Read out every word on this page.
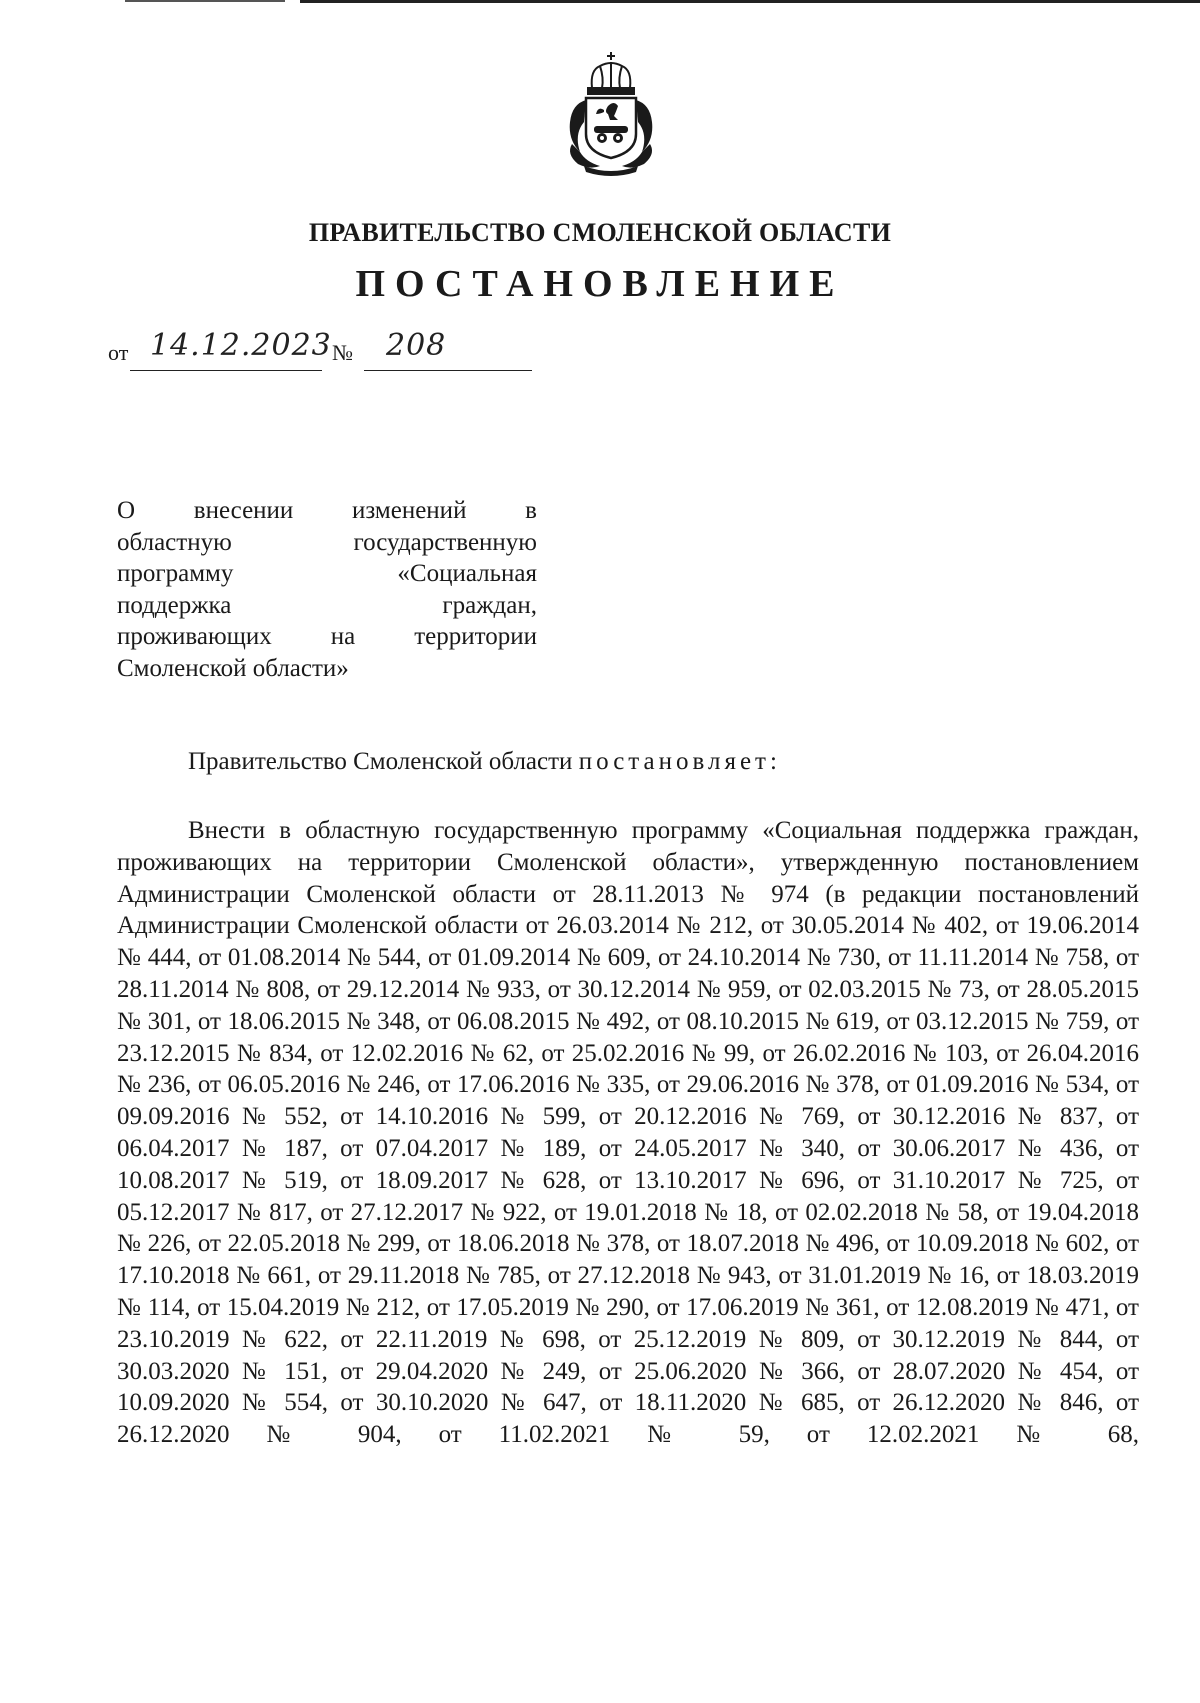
ПРАВИТЕЛЬСТВО СМОЛЕНСКОЙ ОБЛАСТИ
ПОСТАНОВЛЕНИЕ
от 14.12.2023 № 208
О внесении изменений в
областную	государственную
программу	«Социальная
поддержка	граждан,
проживающих на территории
Смоленской области»
Правительство Смоленской области постановляет:

Внести в областную государственную программу «Социальная поддержка граждан, проживающих на территории Смоленской области», утвержденную постановлением Администрации Смоленской области от 28.11.2013 № 974 (в редакции постановлений Администрации Смоленской области от 26.03.2014 № 212, от 30.05.2014 № 402, от 19.06.2014 № 444, от 01.08.2014 № 544, от 01.09.2014 № 609, от 24.10.2014 № 730, от 11.11.2014 № 758, от 28.11.2014 № 808, от 29.12.2014 № 933, от 30.12.2014 № 959, от 02.03.2015 № 73, от 28.05.2015 № 301, от 18.06.2015 № 348, от 06.08.2015 № 492, от 08.10.2015 № 619, от 03.12.2015 № 759, от 23.12.2015 № 834, от 12.02.2016 № 62, от 25.02.2016 № 99, от 26.02.2016 № 103, от 26.04.2016 № 236, от 06.05.2016 № 246, от 17.06.2016 № 335, от 29.06.2016 № 378, от 01.09.2016 № 534, от 09.09.2016 № 552, от 14.10.2016 № 599, от 20.12.2016 № 769, от 30.12.2016 № 837, от 06.04.2017 № 187, от 07.04.2017 № 189, от 24.05.2017 № 340, от 30.06.2017 № 436, от 10.08.2017 № 519, от 18.09.2017 № 628, от 13.10.2017 № 696, от 31.10.2017 № 725, от 05.12.2017 № 817, от 27.12.2017 № 922, от 19.01.2018 № 18, от 02.02.2018 № 58, от 19.04.2018 № 226, от 22.05.2018 № 299, от 18.06.2018 № 378, от 18.07.2018 № 496, от 10.09.2018 № 602, от 17.10.2018 № 661, от 29.11.2018 № 785, от 27.12.2018 № 943, от 31.01.2019 № 16, от 18.03.2019 № 114, от 15.04.2019 № 212, от 17.05.2019 № 290, от 17.06.2019 № 361, от 12.08.2019 № 471, от 23.10.2019 № 622, от 22.11.2019 № 698, от 25.12.2019 № 809, от 30.12.2019 № 844, от 30.03.2020 № 151, от 29.04.2020 № 249, от 25.06.2020 № 366, от 28.07.2020 № 454, от 10.09.2020 № 554, от 30.10.2020 № 647, от 18.11.2020 № 685, от 26.12.2020 № 846, от 26.12.2020 № 904, от 11.02.2021 № 59, от 12.02.2021 № 68,
